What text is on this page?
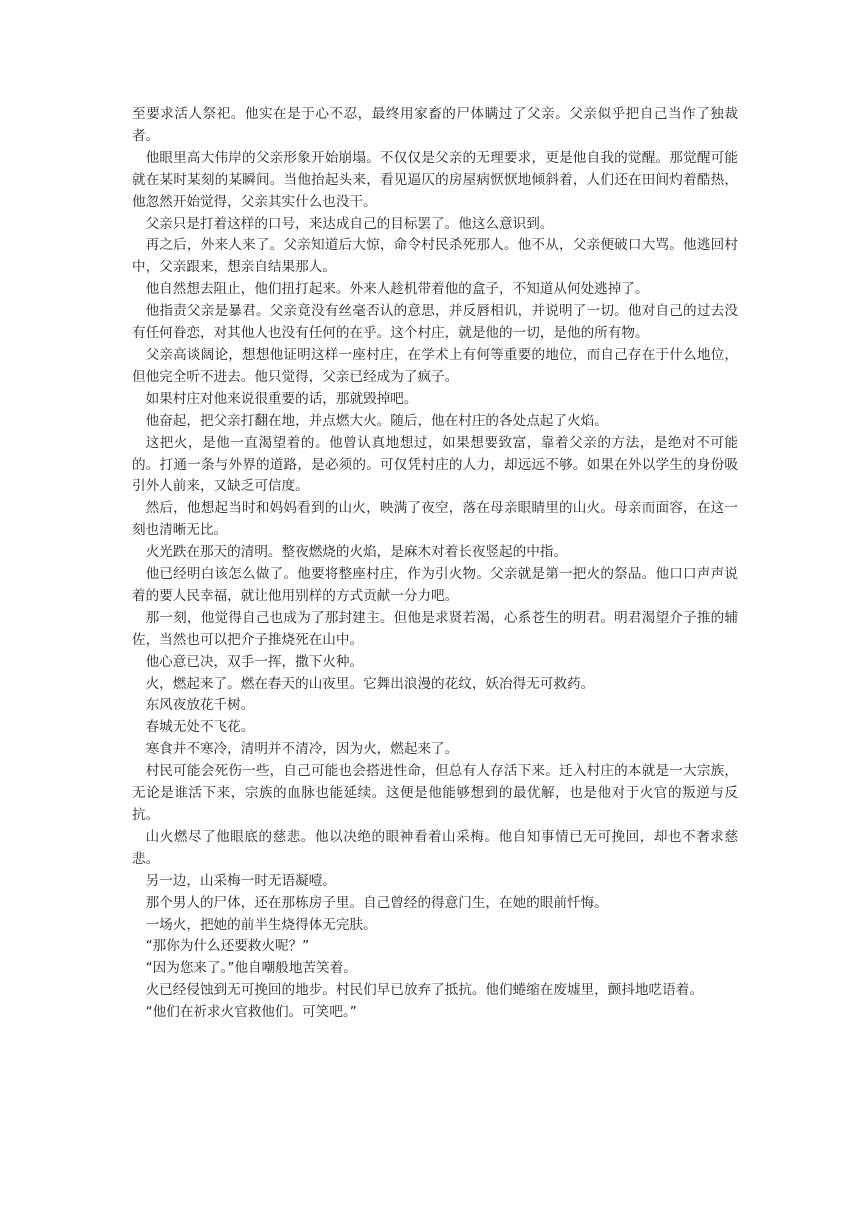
至要求活人祭祀。他实在是于心不忍，最终用家畜的尸体瞒过了父亲。父亲似乎把自己当作了独裁者。

他眼里高大伟岸的父亲形象开始崩塌。不仅仅是父亲的无理要求，更是他自我的觉醒。那觉醒可能就在某时某刻的某瞬间。当他抬起头来，看见逼仄的房屋病恹恹地倾斜着，人们还在田间灼着酷热，他忽然开始觉得，父亲其实什么也没干。

父亲只是打着这样的口号，来达成自己的目标罢了。他这么意识到。

再之后，外来人来了。父亲知道后大惊，命令村民杀死那人。他不从，父亲便破口大骂。他逃回村中，父亲跟来，想亲自结果那人。

他自然想去阻止，他们扭打起来。外来人趁机带着他的盒子，不知道从何处逃掉了。

他指责父亲是暴君。父亲竟没有丝毫否认的意思，并反唇相讥，并说明了一切。他对自己的过去没有任何眷恋，对其他人也没有任何的在乎。这个村庄，就是他的一切，是他的所有物。

父亲高谈阔论，想想他证明这样一座村庄，在学术上有何等重要的地位，而自己存在于什么地位，但他完全听不进去。他只觉得，父亲已经成为了疯子。

如果村庄对他来说很重要的话，那就毁掉吧。

他奋起，把父亲打翻在地，并点燃大火。随后，他在村庄的各处点起了火焰。

这把火，是他一直渴望着的。他曾认真地想过，如果想要致富，靠着父亲的方法，是绝对不可能的。打通一条与外界的道路，是必须的。可仅凭村庄的人力，却远远不够。如果在外以学生的身份吸引外人前来，又缺乏可信度。

然后，他想起当时和妈妈看到的山火，映满了夜空，落在母亲眼睛里的山火。母亲而面容，在这一刻也清晰无比。

火光跌在那天的清明。整夜燃烧的火焰，是麻木对着长夜竖起的中指。

他已经明白该怎么做了。他要将整座村庄，作为引火物。父亲就是第一把火的祭品。他口口声声说着的要人民幸福，就让他用别样的方式贡献一分力吧。

那一刻，他觉得自己也成为了那封建主。但他是求贤若渴，心系苍生的明君。明君渴望介子推的辅佐，当然也可以把介子推烧死在山中。

他心意已决，双手一挥，撒下火种。

火，燃起来了。燃在春天的山夜里。它舞出浪漫的花纹，妖冶得无可救药。

东风夜放花千树。

春城无处不飞花。

寒食并不寒冷，清明并不清冷，因为火，燃起来了。

村民可能会死伤一些，自己可能也会搭进性命，但总有人存活下来。迁入村庄的本就是一大宗族，无论是谁活下来，宗族的血脉也能延续。这便是他能够想到的最优解，也是他对于火官的叛逆与反抗。

山火燃尽了他眼底的慈悲。他以决绝的眼神看着山采梅。他自知事情已无可挽回，却也不奢求慈悲。

另一边，山采梅一时无语凝噎。

那个男人的尸体，还在那栋房子里。自己曾经的得意门生，在她的眼前忏悔。

一场火，把她的前半生烧得体无完肤。

“那你为什么还要救火呢？”

“因为您来了。”他自嘲般地苦笑着。

火已经侵蚀到无可挽回的地步。村民们早已放弃了抵抗。他们蜷缩在废墟里，颤抖地呓语着。

“他们在祈求火官救他们。可笑吧。”
